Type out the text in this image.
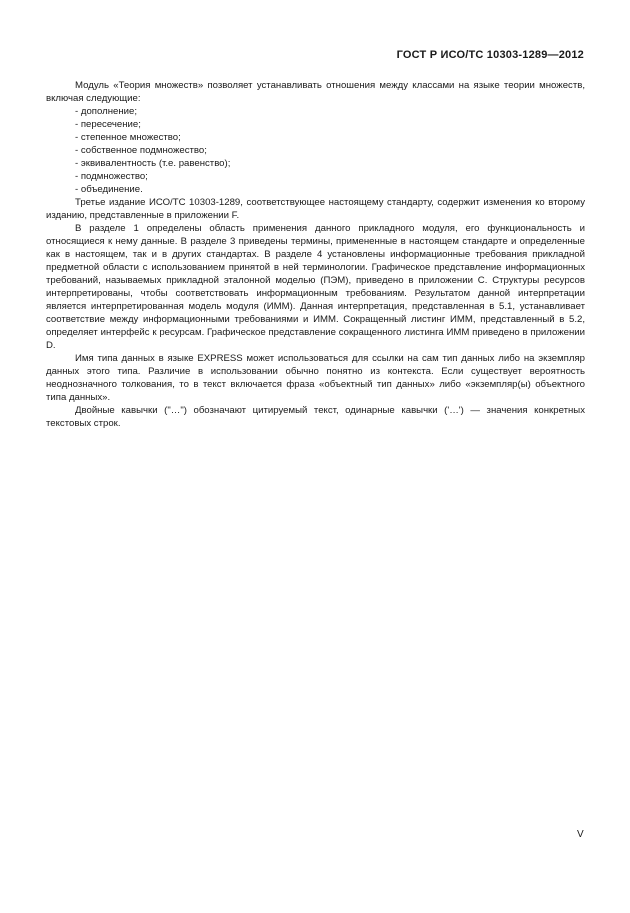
ГОСТ Р ИСО/ТС 10303-1289—2012

Модуль «Теория множеств» позволяет устанавливать отношения между классами на языке теории множеств, включая следующие:

- дополнение;
- пересечение;
- степенное множество;
- собственное подмножество;
- эквивалентность (т.е. равенство);
- подмножество;
- объединение.

Третье издание ИСО/ТС 10303-1289, соответствующее настоящему стандарту, содержит изменения ко второму изданию, представленные в приложении F.

В разделе 1 определены область применения данного прикладного модуля, его функциональность и относящиеся к нему данные. В разделе 3 приведены термины, примененные в настоящем стандарте и определенные как в настоящем, так и в других стандартах. В разделе 4 установлены информационные требования прикладной предметной области с использованием принятой в ней терминологии. Графическое представление информационных требований, называемых прикладной эталонной моделью (ПЭМ), приведено в приложении С. Структуры ресурсов интерпретированы, чтобы соответствовать информационным требованиям. Результатом данной интерпретации является интерпретированная модель модуля (ИММ). Данная интерпретация, представленная в 5.1, устанавливает соответствие между информационными требованиями и ИММ. Сокращенный листинг ИММ, представленный в 5.2, определяет интерфейс к ресурсам. Графическое представление сокращенного листинга ИММ приведено в приложении D.

Имя типа данных в языке EXPRESS может использоваться для ссылки на сам тип данных либо на экземпляр данных этого типа. Различие в использовании обычно понятно из контекста. Если существует вероятность неоднозначного толкования, то в текст включается фраза «объектный тип данных» либо «экземпляр(ы) объектного типа данных».

Двойные кавычки ("…") обозначают цитируемый текст, одинарные кавычки ('…') — значения конкретных текстовых строк.

V
